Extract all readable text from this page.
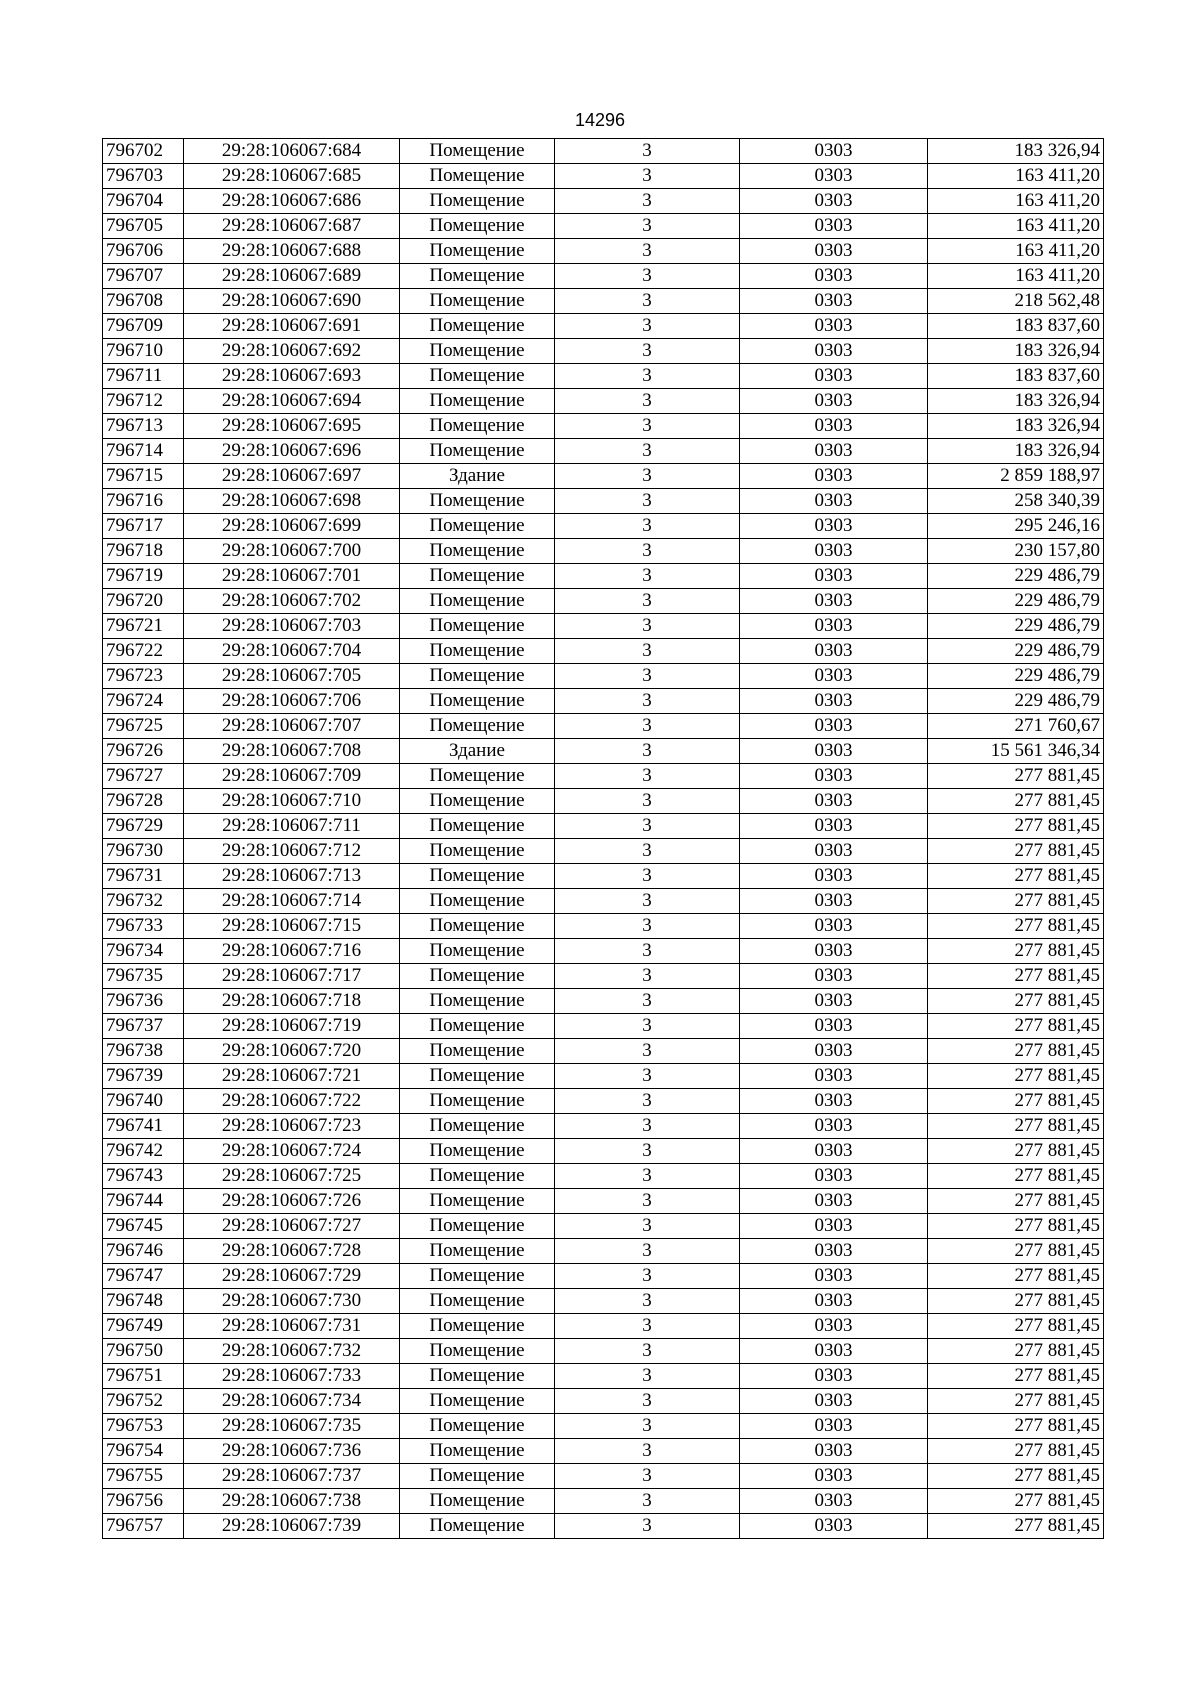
14296
796702	29:28:106067:684	Помещение	3	0303	183 326,94
796703	29:28:106067:685	Помещение	3	0303	163 411,20
796704	29:28:106067:686	Помещение	3	0303	163 411,20
796705	29:28:106067:687	Помещение	3	0303	163 411,20
796706	29:28:106067:688	Помещение	3	0303	163 411,20
796707	29:28:106067:689	Помещение	3	0303	163 411,20
796708	29:28:106067:690	Помещение	3	0303	218 562,48
796709	29:28:106067:691	Помещение	3	0303	183 837,60
796710	29:28:106067:692	Помещение	3	0303	183 326,94
796711	29:28:106067:693	Помещение	3	0303	183 837,60
796712	29:28:106067:694	Помещение	3	0303	183 326,94
796713	29:28:106067:695	Помещение	3	0303	183 326,94
796714	29:28:106067:696	Помещение	3	0303	183 326,94
796715	29:28:106067:697	Здание	3	0303	2 859 188,97
796716	29:28:106067:698	Помещение	3	0303	258 340,39
796717	29:28:106067:699	Помещение	3	0303	295 246,16
796718	29:28:106067:700	Помещение	3	0303	230 157,80
796719	29:28:106067:701	Помещение	3	0303	229 486,79
796720	29:28:106067:702	Помещение	3	0303	229 486,79
796721	29:28:106067:703	Помещение	3	0303	229 486,79
796722	29:28:106067:704	Помещение	3	0303	229 486,79
796723	29:28:106067:705	Помещение	3	0303	229 486,79
796724	29:28:106067:706	Помещение	3	0303	229 486,79
796725	29:28:106067:707	Помещение	3	0303	271 760,67
796726	29:28:106067:708	Здание	3	0303	15 561 346,34
796727	29:28:106067:709	Помещение	3	0303	277 881,45
796728	29:28:106067:710	Помещение	3	0303	277 881,45
796729	29:28:106067:711	Помещение	3	0303	277 881,45
796730	29:28:106067:712	Помещение	3	0303	277 881,45
796731	29:28:106067:713	Помещение	3	0303	277 881,45
796732	29:28:106067:714	Помещение	3	0303	277 881,45
796733	29:28:106067:715	Помещение	3	0303	277 881,45
796734	29:28:106067:716	Помещение	3	0303	277 881,45
796735	29:28:106067:717	Помещение	3	0303	277 881,45
796736	29:28:106067:718	Помещение	3	0303	277 881,45
796737	29:28:106067:719	Помещение	3	0303	277 881,45
796738	29:28:106067:720	Помещение	3	0303	277 881,45
796739	29:28:106067:721	Помещение	3	0303	277 881,45
796740	29:28:106067:722	Помещение	3	0303	277 881,45
796741	29:28:106067:723	Помещение	3	0303	277 881,45
796742	29:28:106067:724	Помещение	3	0303	277 881,45
796743	29:28:106067:725	Помещение	3	0303	277 881,45
796744	29:28:106067:726	Помещение	3	0303	277 881,45
796745	29:28:106067:727	Помещение	3	0303	277 881,45
796746	29:28:106067:728	Помещение	3	0303	277 881,45
796747	29:28:106067:729	Помещение	3	0303	277 881,45
796748	29:28:106067:730	Помещение	3	0303	277 881,45
796749	29:28:106067:731	Помещение	3	0303	277 881,45
796750	29:28:106067:732	Помещение	3	0303	277 881,45
796751	29:28:106067:733	Помещение	3	0303	277 881,45
796752	29:28:106067:734	Помещение	3	0303	277 881,45
796753	29:28:106067:735	Помещение	3	0303	277 881,45
796754	29:28:106067:736	Помещение	3	0303	277 881,45
796755	29:28:106067:737	Помещение	3	0303	277 881,45
796756	29:28:106067:738	Помещение	3	0303	277 881,45
796757	29:28:106067:739	Помещение	3	0303	277 881,45
